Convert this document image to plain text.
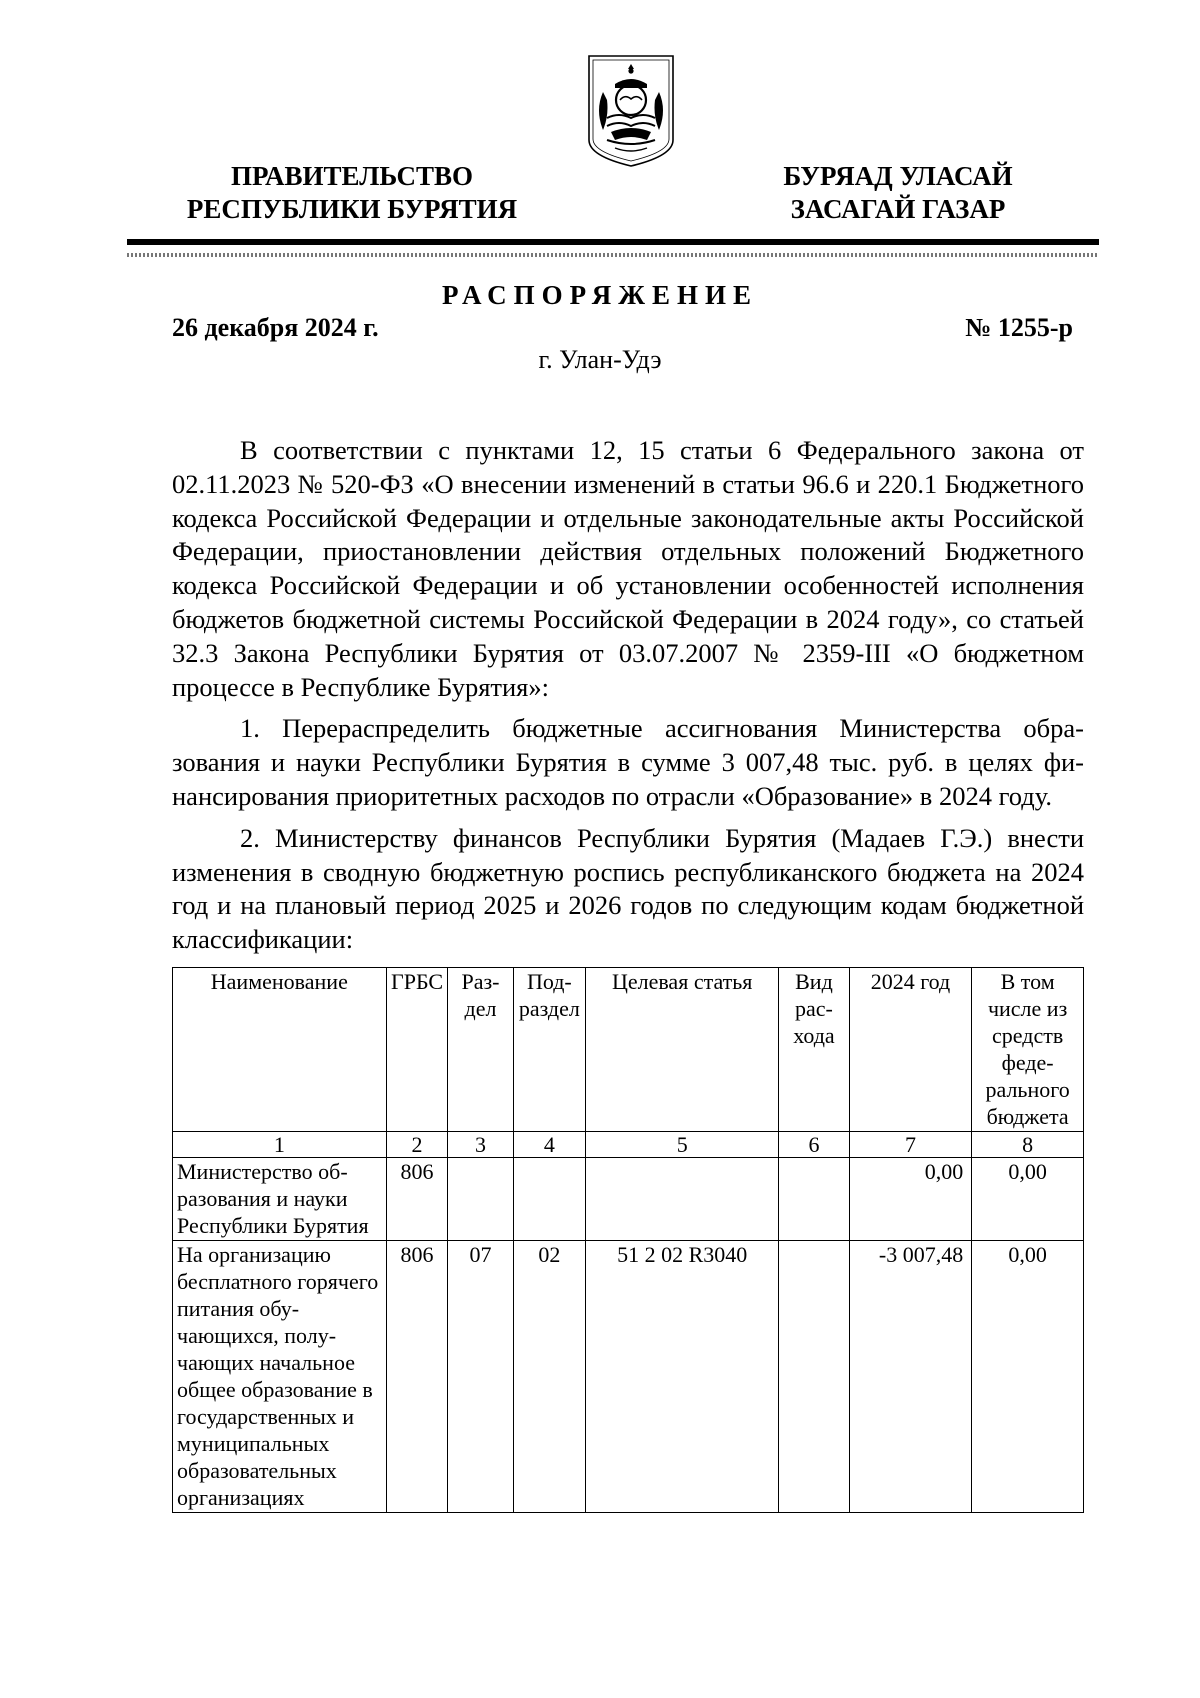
ПРАВИТЕЛЬСТВО
РЕСПУБЛИКИ БУРЯТИЯ
БУРЯАД УЛАСАЙ
ЗАСАГАЙ ГАЗАР
РАСПОРЯЖЕНИЕ
26 декабря 2024 г.	№ 1255-р
г. Улан-Удэ

В соответствии с пунктами 12, 15 статьи 6 Федерального закона от 02.11.2023 № 520-ФЗ «О внесении изменений в статьи 96.6 и 220.1 Бюджетного кодекса Российской Федерации и отдельные законодательные акты Российской Федерации, приостановлении действия отдельных положений Бюджетного кодекса Российской Федерации и об установлении особенностей исполнения бюджетов бюджетной системы Российской Федерации в 2024 году», со статьей 32.3 Закона Республики Бурятия от 03.07.2007 № 2359-III «О бюджетном процессе в Республике Бурятия»:

1. Перераспределить бюджетные ассигнования Министерства образования и науки Республики Бурятия в сумме 3 007,48 тыс. руб. в целях финансирования приоритетных расходов по отрасли «Образование» в 2024 году.

2. Министерству финансов Республики Бурятия (Мадаев Г.Э.) внести изменения в сводную бюджетную роспись республиканского бюджета на 2024 год и на плановый период 2025 и 2026 годов по следующим кодам бюджетной классификации:

Наименование	ГРБС	Раздел	Подраздел	Целевая статья	Вид расхода	2024 год	В том числе из средств федерального бюджета
1	2	3	4	5	6	7	8
Министерство образования и науки Республики Бурятия	806					0,00	0,00
На организацию бесплатного горячего питания обучающихся, получающих начальное общее образование в государственных и муниципальных образовательных организациях	806	07	02	51 2 02 R3040		-3 007,48	0,00
